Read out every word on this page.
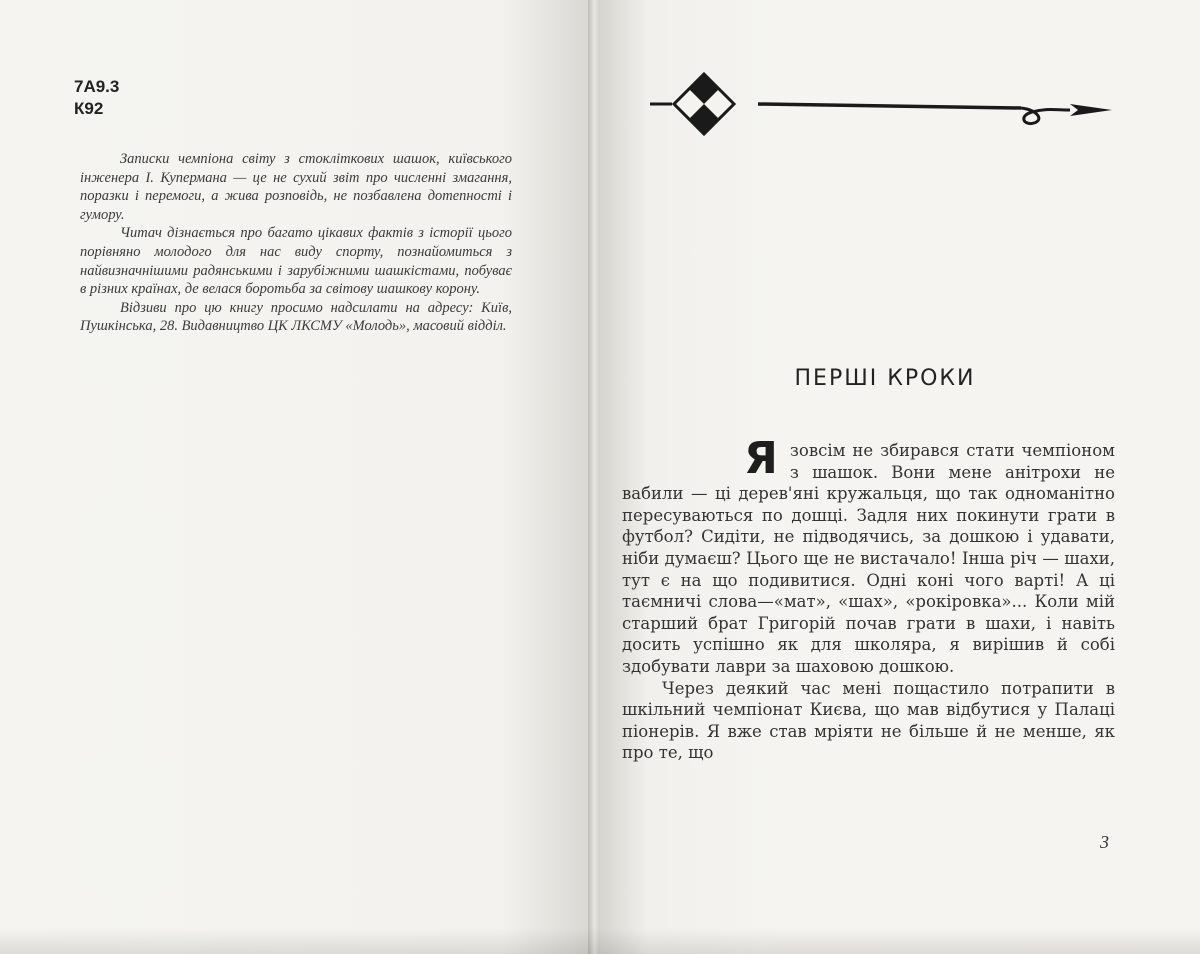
7А9.3
К92

Записки чемпіона світу з стокліткових шашок, київського інженера І. Купермана — це не сухий звіт про численні змагання, поразки і перемоги, а жива розповідь, не позбавлена дотепності і гумору.

Читач дізнається про багато цікавих фактів з історії цього порівняно молодого для нас виду спорту, познайомиться з найвизначнішими радянськими і зарубіжними шашкістами, побуває в різних країнах, де велася боротьба за світову шашкову корону.

Відзиви про цю книгу просимо надсилати на адресу: Київ, Пушкінська, 28. Видавництво ЦК ЛКСМУ «Молодь», масовий відділ.

ПЕРШІ КРОКИ

Язовсім не збирався стати чемпіоном з шашок. Вони мене анітрохи не вабили — ці дерев'яні кружальця, що так одноманітно пересуваються по дошці. Задля них покинути грати в футбол? Сидіти, не підводячись, за дошкою і удавати, ніби думаєш? Цього ще не вистачало! Інша річ — шахи, тут є на що подивитися. Одні коні чого варті! А ці таємничі слова—«мат», «шах», «рокіровка»... Коли мій старший брат Григорій почав грати в шахи, і навіть досить успішно як для школяра, я вирішив й собі здобувати лаври за шаховою дошкою.

Через деякий час мені пощастило потрапити в шкільний чемпіонат Києва, що мав відбутися у Палаці піонерів. Я вже став мріяти не більше й не менше, як про те, що

3
